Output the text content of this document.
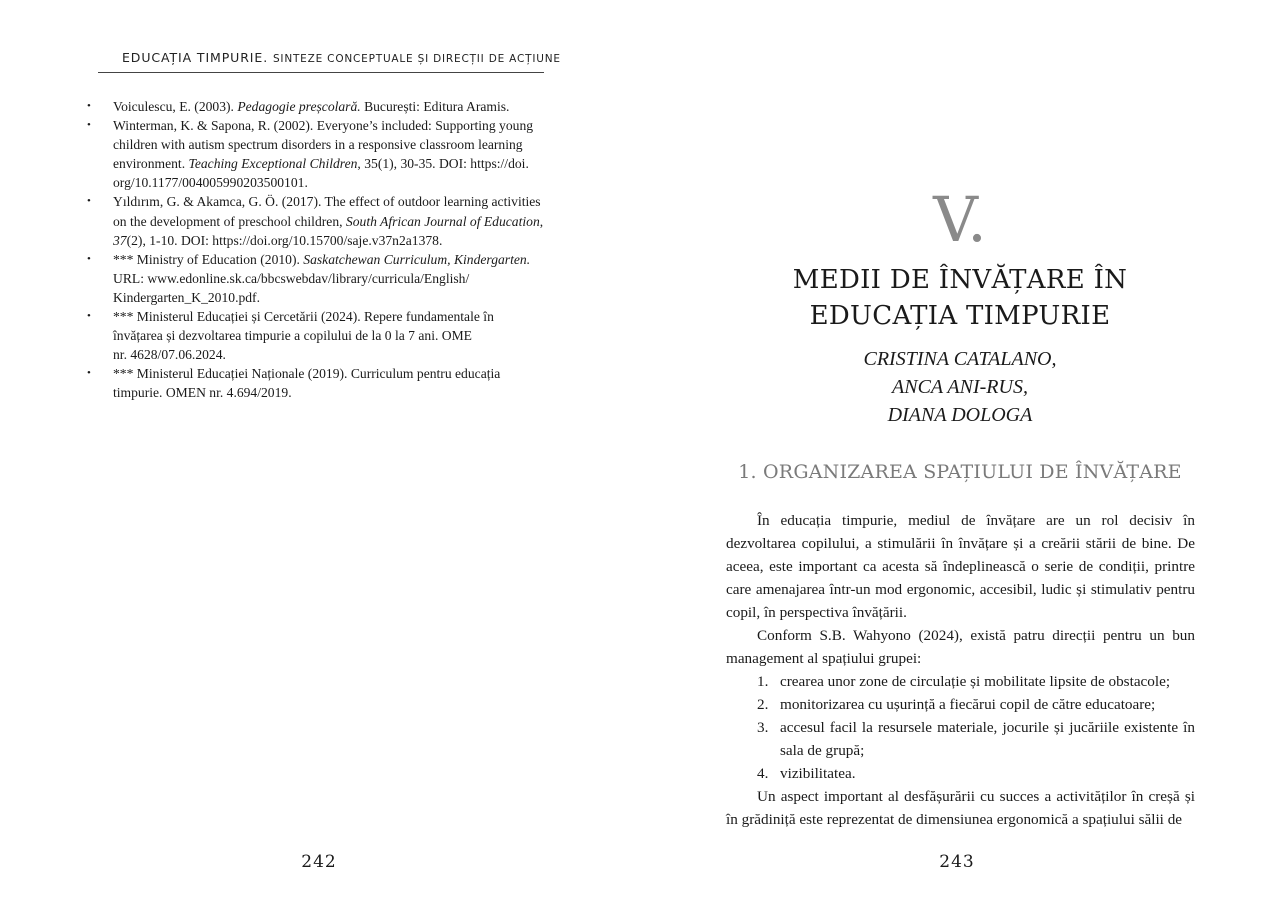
EDUCAȚIA TIMPURIE. SINTEZE CONCEPTUALE ȘI DIRECȚII DE ACȚIUNE
• Voiculescu, E. (2003). Pedagogie preșcolară. București: Editura Aramis.
• Winterman, K. & Sapona, R. (2002). Everyone’s included: Supporting young
children with autism spectrum disorders in a responsive classroom learning
environment. Teaching Exceptional Children, 35(1), 30-35. DOI: https://doi.
org/10.1177/004005990203500101.
• Yıldırım, G. & Akamca, G. Ö. (2017). The effect of outdoor learning activities
on the development of preschool children, South African Journal of Education,
37(2), 1-10. DOI: https://doi.org/10.15700/saje.v37n2a1378.
• *** Ministry of Education (2010). Saskatchewan Curriculum, Kindergarten.
URL: www.edonline.sk.ca/bbcswebdav/library/curricula/English/
Kindergarten_K_2010.pdf.
• *** Ministerul Educației și Cercetării (2024). Repere fundamentale în
învățarea și dezvoltarea timpurie a copilului de la 0 la 7 ani. OME
nr. 4628/07.06.2024.
• *** Ministerul Educației Naționale (2019). Curriculum pentru educația
timpurie. OMEN nr. 4.694/2019.
242
V.
MEDII DE ÎNVĂȚARE ÎN
EDUCAȚIA TIMPURIE
CRISTINA CATALANO,
ANCA ANI-RUS,
DIANA DOLOGA
1. ORGANIZAREA SPAȚIULUI DE ÎNVĂȚARE

În educația timpurie, mediul de învățare are un rol decisiv în dezvoltarea copilului, a stimulării în învățare și a creării stării de bine. De aceea, este important ca acesta să îndeplinească o serie de condiții, printre care amenajarea într-un mod ergonomic, accesibil, ludic și stimulativ pentru copil, în perspectiva învățării.

Conform S.B. Wahyono (2024), există patru direcții pentru un bun management al spațiului grupei:

1. crearea unor zone de circulație și mobilitate lipsite de obstacole;
2. monitorizarea cu ușurință a fiecărui copil de către educatoare;
3. accesul facil la resursele materiale, jocurile și jucăriile existente în sala de grupă;
4. vizibilitatea.

Un aspect important al desfășurării cu succes a activităților în creșă și în grădiniță este reprezentat de dimensiunea ergonomică a spațiului sălii de

243
